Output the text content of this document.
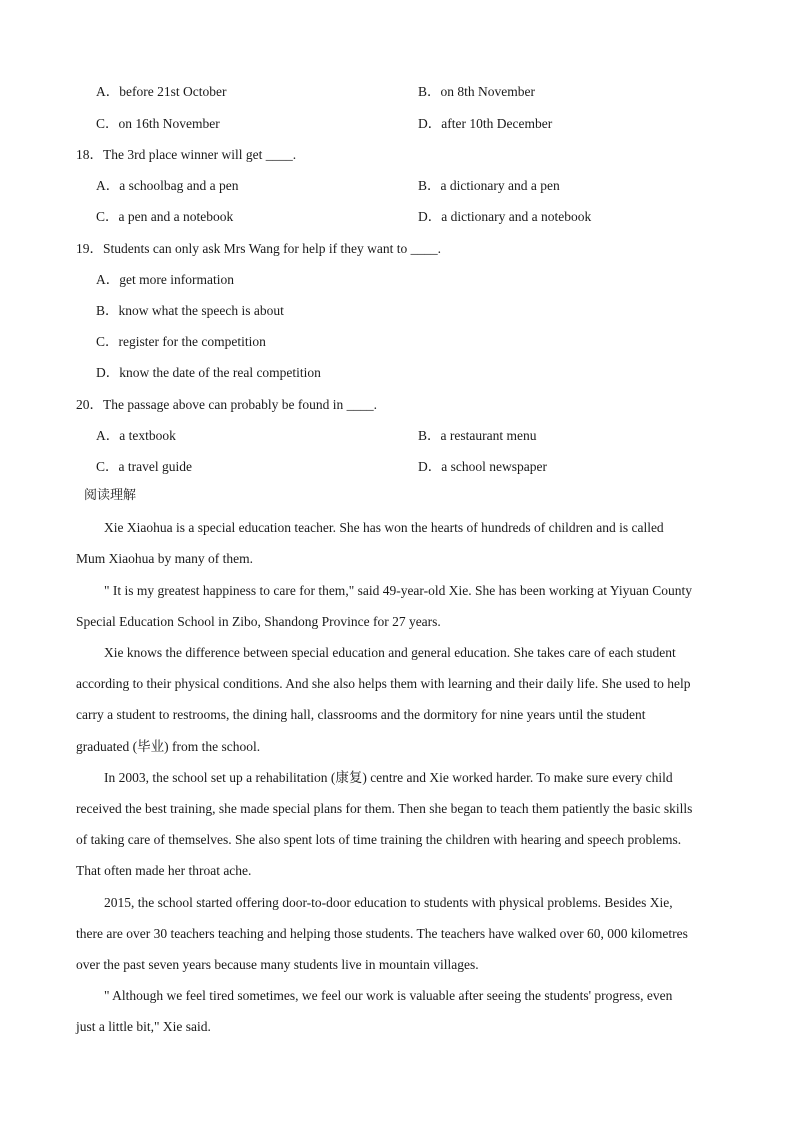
A．before 21st October	B．on 8th November
C．on 16th November	D．after 10th December
18．The 3rd place winner will get ____.
A．a schoolbag and a pen	B．a dictionary and a pen
C．a pen and a notebook	D．a dictionary and a notebook
19．Students can only ask Mrs Wang for help if they want to ____.
A．get more information
B．know what the speech is about
C．register for the competition
D．know the date of the real competition
20．The passage above can probably be found in ____.
A．a textbook	B．a restaurant menu
C．a travel guide	D．a school newspaper
阅读理解
Xie Xiaohua is a special education teacher. She has won the hearts of hundreds of children and is called
Mum Xiaohua by many of them.
" It is my greatest happiness to care for them," said 49-year-old Xie. She has been working at Yiyuan County
Special Education School in Zibo, Shandong Province for 27 years.
Xie knows the difference between special education and general education. She takes care of each student
according to their physical conditions. And she also helps them with learning and their daily life. She used to help
carry a student to restrooms, the dining hall, classrooms and the dormitory for nine years until the student
graduated (毕业) from the school.
In 2003, the school set up a rehabilitation (康复) centre and Xie worked harder. To make sure every child
received the best training, she made special plans for them. Then she began to teach them patiently the basic skills
of taking care of themselves. She also spent lots of time training the children with hearing and speech problems.
That often made her throat ache.
2015, the school started offering door-to-door education to students with physical problems. Besides Xie,
there are over 30 teachers teaching and helping those students. The teachers have walked over 60, 000 kilometres
over the past seven years because many students live in mountain villages.
" Although we feel tired sometimes, we feel our work is valuable after seeing the students' progress, even
just a little bit," Xie said.
